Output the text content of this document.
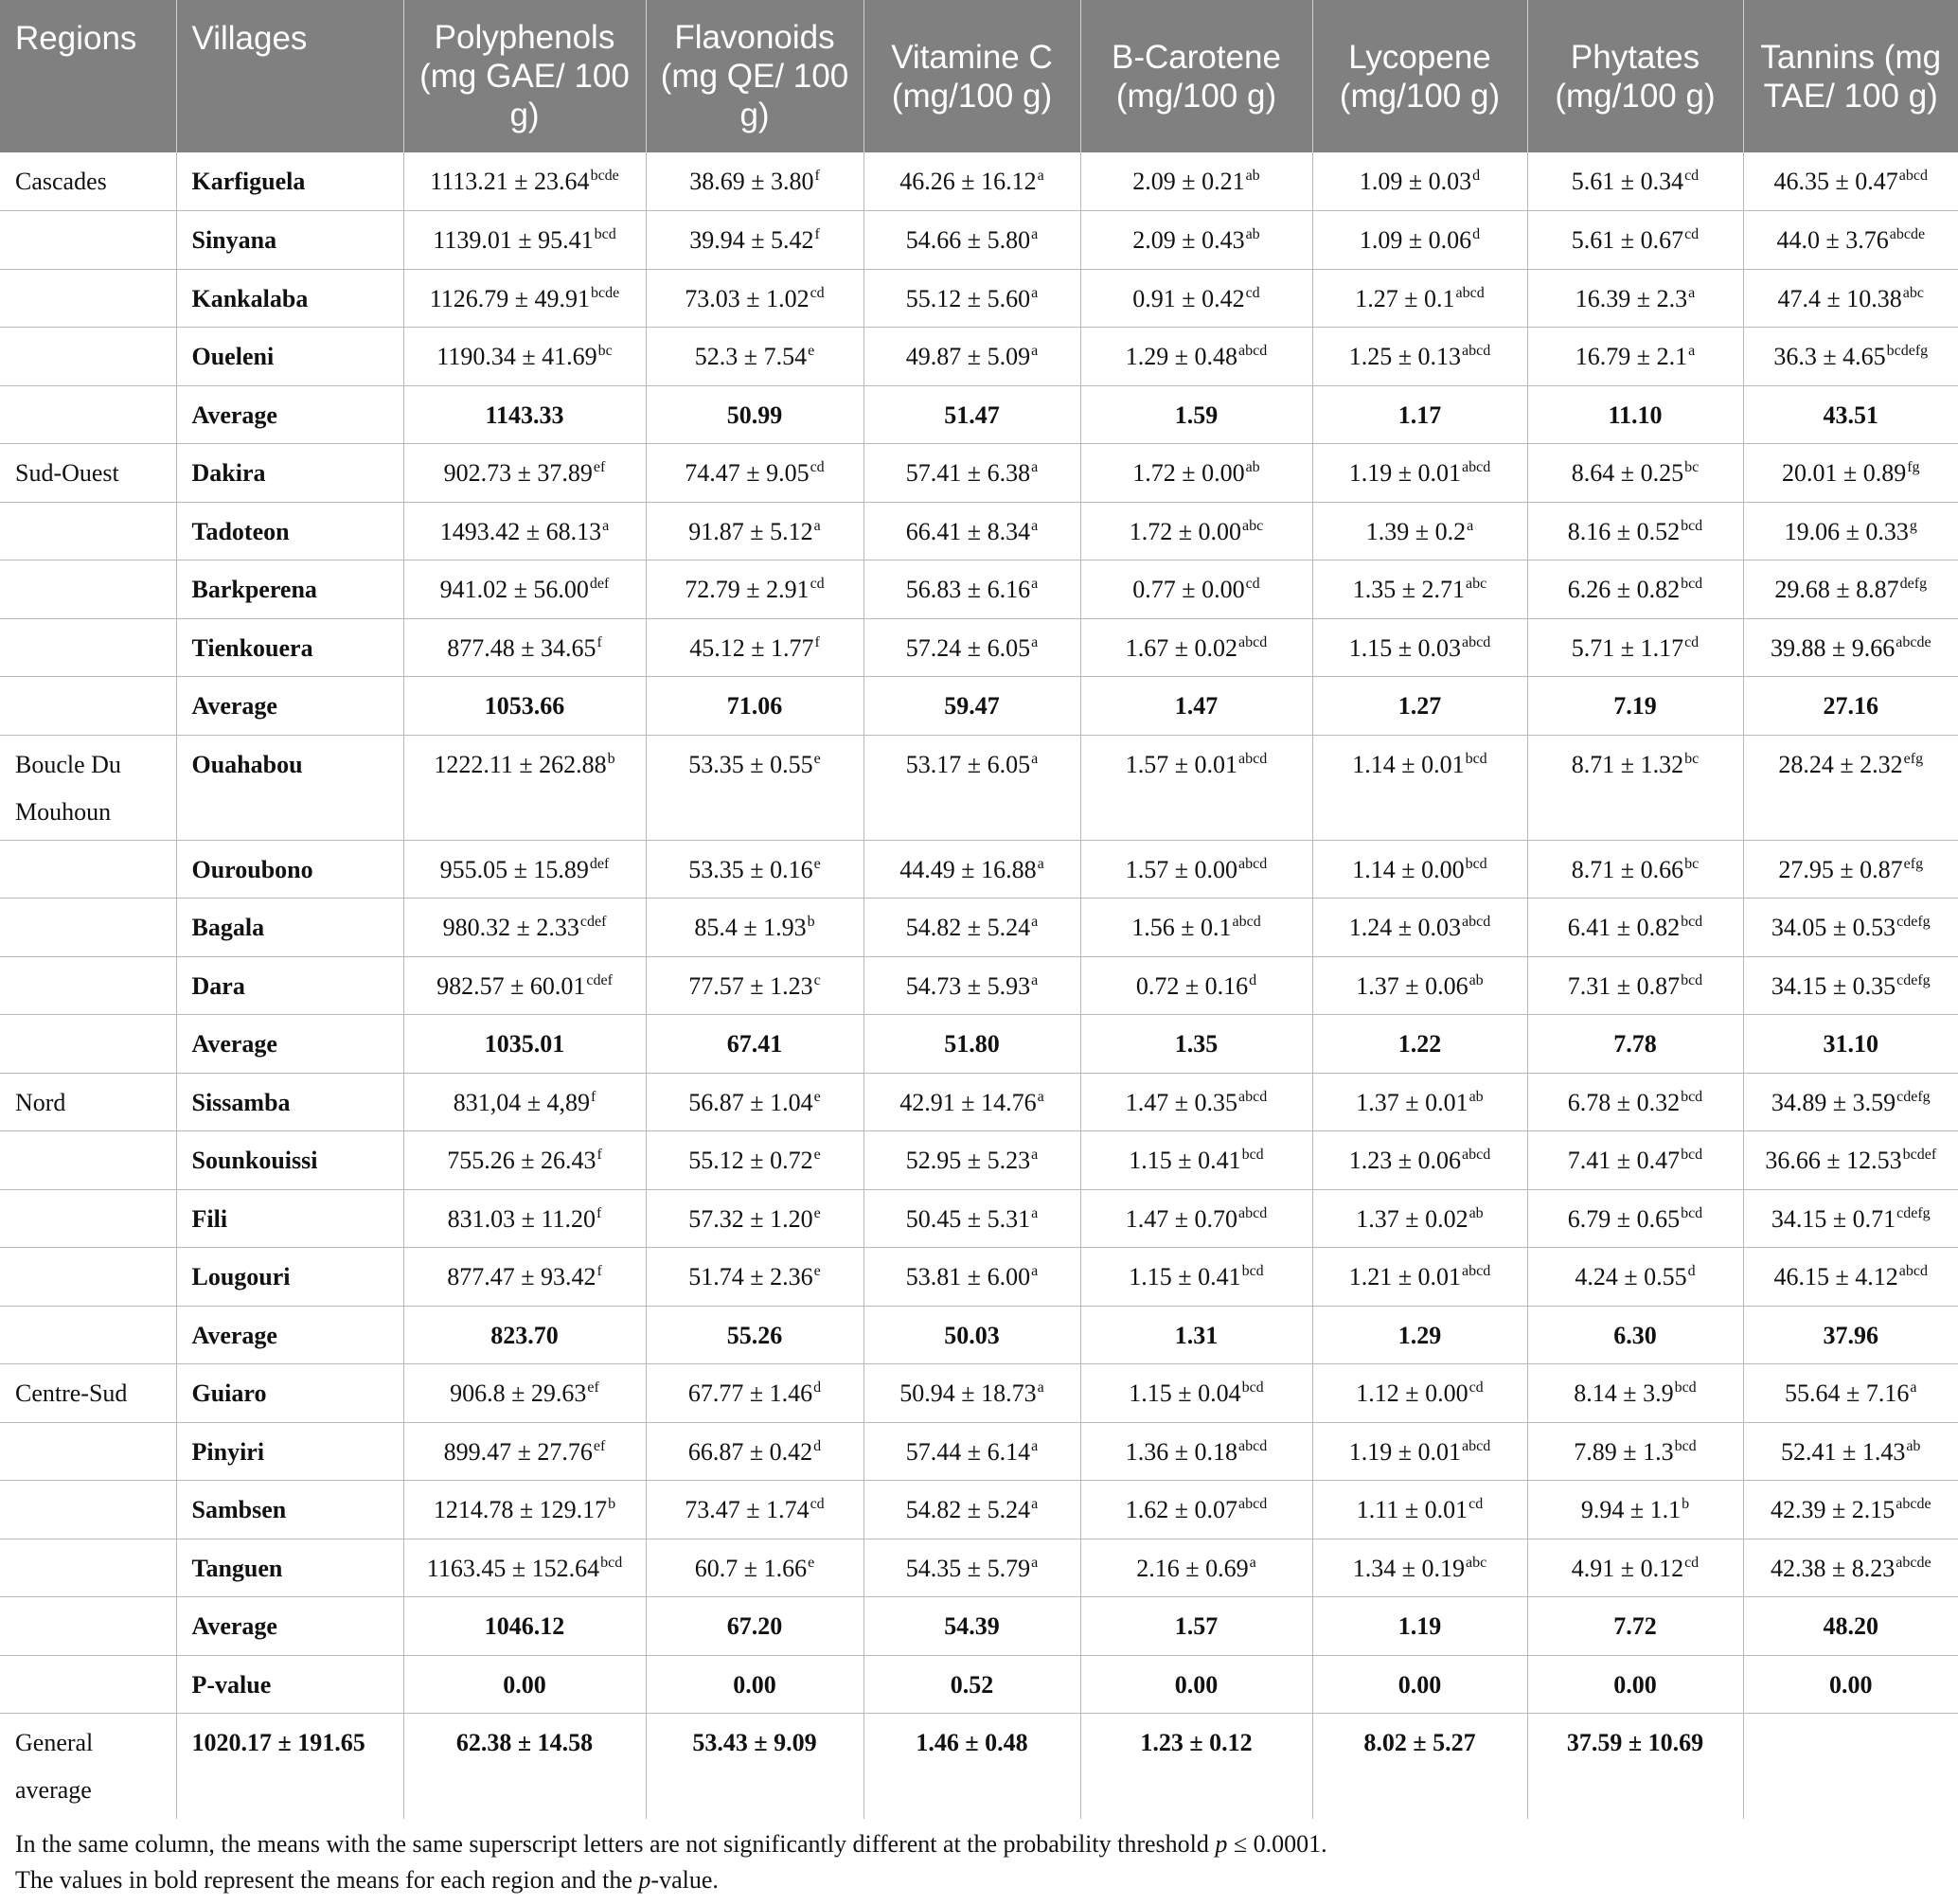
Regions	Villages	Polyphenols (mg GAE/ 100 g)	Flavonoids (mg QE/ 100 g)	Vitamine C (mg/100 g)	Β-Carotene (mg/100 g)	Lycopene (mg/100 g)	Phytates (mg/100 g)	Tannins (mg TAE/ 100 g)
Cascades	Karfiguela	$1113.21 \pm 23.64^{bcde}$	38.69 ± 3.80$^f$	46.26 ± 16.12$^a$	2.09 ± 0.21$^{ab}$	1.09 ± 0.03$^d$	5.61 ± 0.34$^{cd}$	$46.35 \pm 0.47^{abcd}$
	Sinyana	1139.01 ± 95.41$^{bcd}$	39.94 ± 5.42$^f$	54.66 ± 5.80$^a$	2.09 ± 0.43$^{ab}$	1.09 ± 0.06$^d$	5.61 ± 0.67$^{cd}$	$44.0 \pm 3.76^{abcde}$
	Kankalaba	$1126.79 \pm 49.91^{bcde}$	73.03 ± 1.02$^{cd}$	55.12 ± 5.60$^a$	0.91 ± 0.42$^{cd}$	$1.27 \pm 0.1^{abcd}$	16.39 ± 2.3$^a$	47.4 ± 10.38$^{abc}$
	Oueleni	1190.34 ± 41.69$^{bc}$	52.3 ± 7.54$^e$	49.87 ± 5.09$^a$	$1.29 \pm 0.48^{abcd}$	$1.25 \pm 0.13^{abcd}$	16.79 ± 2.1$^a$	$36.3 \pm 4.65^{bcdefg}$
	Average	1143.33	50.99	51.47	1.59	1.17	11.10	43.51
Sud-Ouest	Dakira	902.73 ± 37.89$^{ef}$	74.47 ± 9.05$^{cd}$	57.41 ± 6.38$^a$	1.72 ± 0.00$^{ab}$	$1.19 \pm 0.01^{abcd}$	8.64 ± 0.25$^{bc}$	20.01 ± 0.89$^{fg}$
	Tadoteon	1493.42 ± 68.13$^a$	91.87 ± 5.12$^a$	66.41 ± 8.34$^a$	1.72 ± 0.00$^{abc}$	1.39 ± 0.2$^a$	8.16 ± 0.52$^{bcd}$	19.06 ± 0.33$^g$
	Barkperena	941.02 ± 56.00$^{def}$	72.79 ± 2.91$^{cd}$	56.83 ± 6.16$^a$	0.77 ± 0.00$^{cd}$	1.35 ± 2.71$^{abc}$	6.26 ± 0.82$^{bcd}$	$29.68 \pm 8.87^{defg}$
	Tienkouera	877.48 ± 34.65$^f$	45.12 ± 1.77$^f$	57.24 ± 6.05$^a$	$1.67 \pm 0.02^{abcd}$	$1.15 \pm 0.03^{abcd}$	5.71 ± 1.17$^{cd}$	$39.88 \pm 9.66^{abcde}$
	Average	1053.66	71.06	59.47	1.47	1.27	7.19	27.16
Boucle Du Mouhoun	Ouahabou	1222.11 ± 262.88$^b$	53.35 ± 0.55$^e$	53.17 ± 6.05$^a$	$1.57 \pm 0.01^{abcd}$	1.14 ± 0.01$^{bcd}$	8.71 ± 1.32$^{bc}$	28.24 ± 2.32$^{efg}$
	Ouroubono	955.05 ± 15.89$^{def}$	53.35 ± 0.16$^e$	44.49 ± 16.88$^a$	$1.57 \pm 0.00^{abcd}$	1.14 ± 0.00$^{bcd}$	8.71 ± 0.66$^{bc}$	27.95 ± 0.87$^{efg}$
	Bagala	$980.32 \pm 2.33^{cdef}$	85.4 ± 1.93$^b$	54.82 ± 5.24$^a$	$1.56 \pm 0.1^{abcd}$	$1.24 \pm 0.03^{abcd}$	6.41 ± 0.82$^{bcd}$	$34.05 \pm 0.53^{cdefg}$
	Dara	$982.57 \pm 60.01^{cdef}$	77.57 ± 1.23$^c$	54.73 ± 5.93$^a$	0.72 ± 0.16$^d$	1.37 ± 0.06$^{ab}$	7.31 ± 0.87$^{bcd}$	$34.15 \pm 0.35^{cdefg}$
	Average	1035.01	67.41	51.80	1.35	1.22	7.78	31.10
Nord	Sissamba	831,04 ± 4,89$^f$	56.87 ± 1.04$^e$	42.91 ± 14.76$^a$	$1.47 \pm 0.35^{abcd}$	1.37 ± 0.01$^{ab}$	6.78 ± 0.32$^{bcd}$	$34.89 \pm 3.59^{cdefg}$
	Sounkouissi	755.26 ± 26.43$^f$	55.12 ± 0.72$^e$	52.95 ± 5.23$^a$	1.15 ± 0.41$^{bcd}$	$1.23 \pm 0.06^{abcd}$	7.41 ± 0.47$^{bcd}$	$36.66 \pm 12.53^{bcdef}$
	Fili	831.03 ± 11.20$^f$	57.32 ± 1.20$^e$	50.45 ± 5.31$^a$	$1.47 \pm 0.70^{abcd}$	1.37 ± 0.02$^{ab}$	6.79 ± 0.65$^{bcd}$	$34.15 \pm 0.71^{cdefg}$
	Lougouri	877.47 ± 93.42$^f$	51.74 ± 2.36$^e$	53.81 ± 6.00$^a$	1.15 ± 0.41$^{bcd}$	$1.21 \pm 0.01^{abcd}$	4.24 ± 0.55$^d$	$46.15 \pm 4.12^{abcd}$
	Average	823.70	55.26	50.03	1.31	1.29	6.30	37.96
Centre-Sud	Guiaro	906.8 ± 29.63$^{ef}$	67.77 ± 1.46$^d$	50.94 ± 18.73$^a$	1.15 ± 0.04$^{bcd}$	1.12 ± 0.00$^{cd}$	8.14 ± 3.9$^{bcd}$	55.64 ± 7.16$^a$
	Pinyiri	899.47 ± 27.76$^{ef}$	66.87 ± 0.42$^d$	57.44 ± 6.14$^a$	$1.36 \pm 0.18^{abcd}$	$1.19 \pm 0.01^{abcd}$	7.89 ± 1.3$^{bcd}$	52.41 ± 1.43$^{ab}$
	Sambsen	1214.78 ± 129.17$^b$	73.47 ± 1.74$^{cd}$	54.82 ± 5.24$^a$	$1.62 \pm 0.07^{abcd}$	1.11 ± 0.01$^{cd}$	9.94 ± 1.1$^b$	$42.39 \pm 2.15^{abcde}$
	Tanguen	1163.45 ± 152.64$^{bcd}$	60.7 ± 1.66$^e$	54.35 ± 5.79$^a$	2.16 ± 0.69$^a$	1.34 ± 0.19$^{abc}$	4.91 ± 0.12$^{cd}$	$42.38 \pm 8.23^{abcde}$
	Average	1046.12	67.20	54.39	1.57	1.19	7.72	48.20
	P-value	0.00	0.00	0.52	0.00	0.00	0.00	0.00
General average	1020.17 ± 191.65	62.38 ± 14.58	53.43 ± 9.09	1.46 ± 0.48	1.23 ± 0.12	8.02 ± 5.27	37.59 ± 10.69	

In the same column, the means with the same superscript letters are not significantly different at the probability threshold p ≤ 0.0001.

The values in bold represent the means for each region and the p-value.
